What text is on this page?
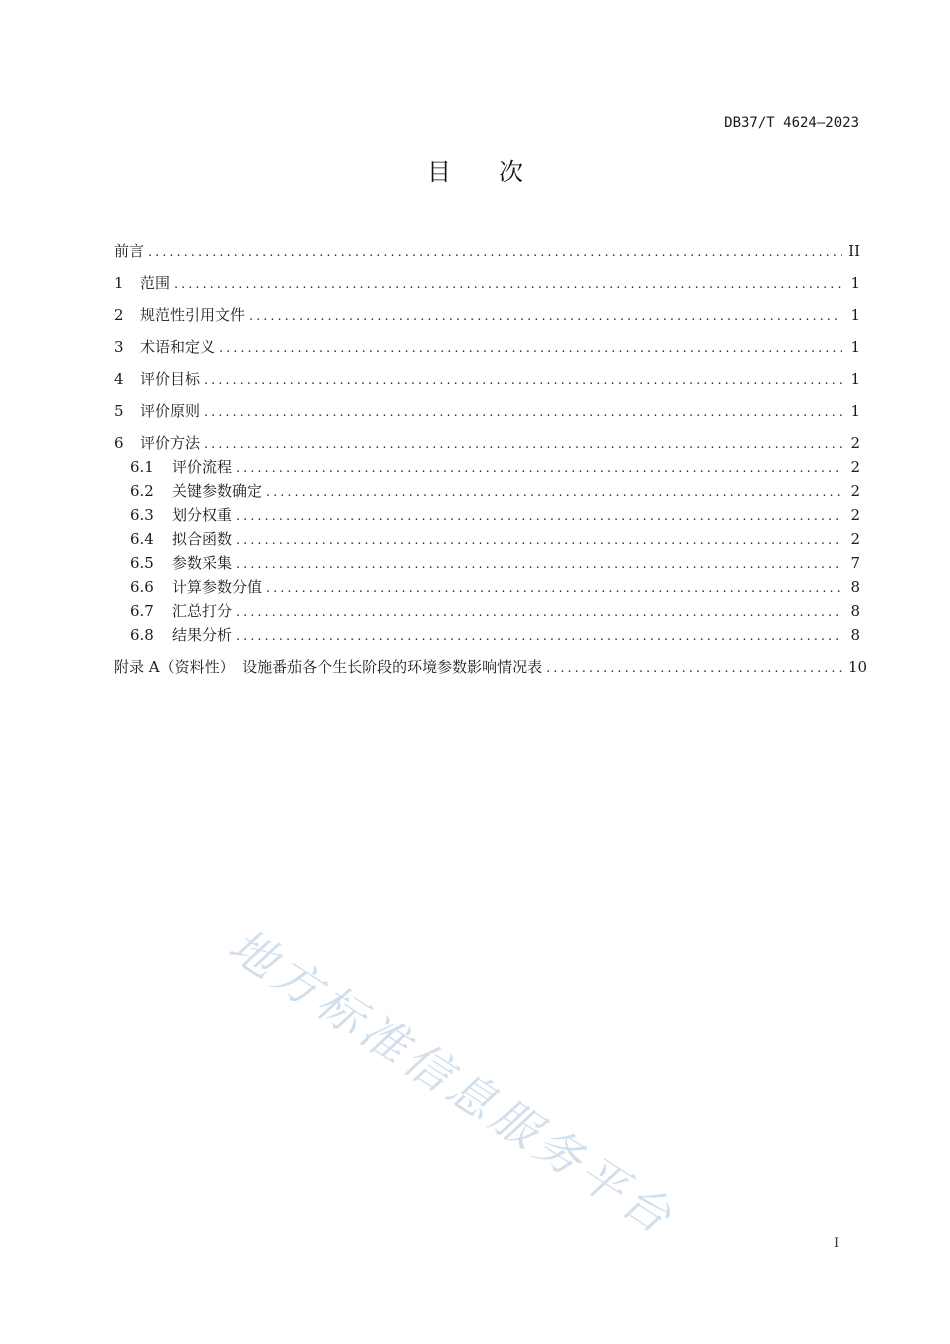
DB37/T 4624—2023
目次
前言 .....	II
1	范围 .....	1
2	规范性引用文件 .....	1
3	术语和定义 .....	1
4	评价目标 .....	1
5	评价原则 .....	1
6	评价方法 .....	2
6.1	评价流程 .....	2
6.2	关键参数确定 .....	2
6.3	划分权重 .....	2
6.4	拟合函数 .....	2
6.5	参数采集 .....	7
6.6	计算参数分值 .....	8
6.7	汇总打分 .....	8
6.8	结果分析 .....	8
附录 A（资料性）　设施番茄各个生长阶段的环境参数影响情况表 .....	10
地方标准信息服务平台	I
